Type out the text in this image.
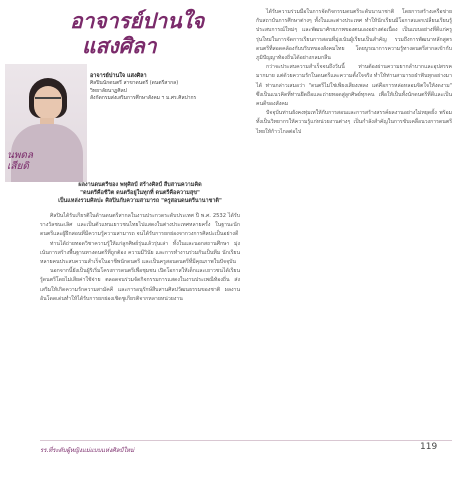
อาจารย์ปานใจ
แสงศิลา
นพดล
เสียดิ
อาจารย์ปานใจ แสงศิลา
ศิลปินนักดนตรี สาขาดนตรี (ดนตรีสากล)
วิทยาลัยนาฏศิลป
สังกัดกรมส่งเสริมการศึกษาสังคม ฯ ม.ศร.ศิลปากร
ผลงานดนตรีของ พหุศิลป์ สร้างศิลป์ สืบสานความคิด
"ดนตรีคือชีวิต ดนตรีอยู่ในทุกที่ ดนตรีคือความสุข"
เป็นแหล่งรวมศิลปะ ศิลปินกับความสามารถ "ครูสอนดนตรีนานาชาติ"

ศิลปินได้รับเกียรติในด้านดนตรีสากลในงานประกวดระดับประเทศ ปี พ.ศ. 2532 ได้รับรางวัลชนะเลิศ และเป็นตัวแทนเยาวชนไทยไปแสดงในต่างประเทศหลายครั้ง ในฐานะนักดนตรีและผู้ฝึกสอนที่มีความรู้ความสามารถ จนได้รับการยกย่องจากวงการศิลปะเป็นอย่างดี

ท่านได้ถ่ายทอดวิชาความรู้ให้แก่ลูกศิษย์รุ่นแล้วรุ่นเล่า ทั้งในและนอกสถานศึกษา มุ่งเน้นการสร้างพื้นฐานทางดนตรีที่ถูกต้อง ความมีวินัย และการทำงานร่วมกันเป็นทีม นักเรียนหลายคนประสบความสำเร็จในอาชีพนักดนตรี และเป็นครูสอนดนตรีที่มีคุณภาพในปัจจุบัน

นอกจากนี้ยังเป็นผู้ริเริ่มโครงการดนตรีเพื่อชุมชน เปิดโอกาสให้เด็กและเยาวชนได้เรียนรู้ดนตรีโดยไม่เสียค่าใช้จ่าย ตลอดจนร่วมจัดกิจกรรมการแสดงในงานประเพณีท้องถิ่น ส่งเสริมให้เกิดความรักความสามัคคี และการอนุรักษ์สืบสานศิลปวัฒนธรรมของชาติ ผลงานอันโดดเด่นทำให้ได้รับการยกย่องเชิดชูเกียรติจากหลายหน่วยงาน

ได้รับความร่วมมือในการจัดกิจกรรมดนตรีระดับนานาชาติ โดยการสร้างเครือข่ายกับสถาบันการศึกษาต่างๆ ทั้งในและต่างประเทศ ทำให้นักเรียนมีโอกาสแลกเปลี่ยนเรียนรู้ประสบการณ์ใหม่ๆ และพัฒนาศักยภาพของตนเองอย่างต่อเนื่อง เป็นแบบอย่างที่ดีแก่ครูรุ่นใหม่ในการจัดการเรียนการสอนที่มุ่งเน้นผู้เรียนเป็นสำคัญ รวมถึงการพัฒนาหลักสูตรดนตรีที่สอดคล้องกับบริบทของสังคมไทย โดยบูรณาการความรู้ทางดนตรีสากลเข้ากับภูมิปัญญาท้องถิ่นได้อย่างกลมกลืน

กว่าจะประสบความสำเร็จจนถึงวันนี้ ท่านต้องผ่านความยากลำบากและอุปสรรคมากมาย แต่ด้วยความรักในดนตรีและความตั้งใจจริง ทำให้ท่านสามารถฝ่าฟันทุกอย่างมาได้ ท่านกล่าวเสมอว่า "ดนตรีไม่ใช่เพียงเสียงเพลง แต่คือการหล่อหลอมจิตใจให้งดงาม" ซึ่งเป็นแนวคิดที่ท่านยึดถือและถ่ายทอดสู่ลูกศิษย์ทุกคน เพื่อให้เป็นทั้งนักดนตรีที่ดีและเป็นคนดีของสังคม

ปัจจุบันท่านยังคงทุ่มเทให้กับการสอนและการสร้างสรรค์ผลงานอย่างไม่หยุดยั้ง พร้อมทั้งเป็นวิทยากรให้ความรู้แก่หน่วยงานต่างๆ เป็นกำลังสำคัญในการขับเคลื่อนวงการดนตรีไทยให้ก้าวไกลต่อไป

รร.ที่ระดับผู้หญิงแม่แบบแห่งศิลป์ใหม่	119
